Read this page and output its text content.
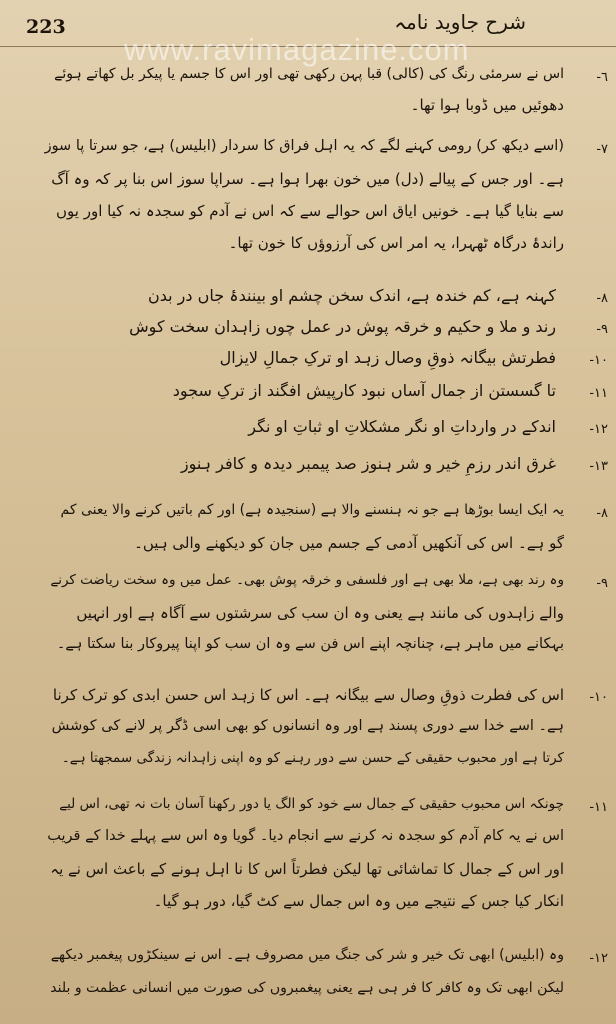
223	شرح جاوید نامہ
www.ravimagazine.com
-٦
اس نے سرمئی رنگ کی (کالی) قبا پہن رکھی تھی اور اس کا جسم یا پیکر بل کھاتے ہوئے
دھوئیں میں ڈوبا ہوا تھا۔
-٧
(اسے دیکھ کر) رومی کہنے لگے کہ یہ اہل فراق کا سردار (ابلیس) ہے، جو سرتا پا سوز
ہے۔ اور جس کے پیالے (دل) میں خون بھرا ہوا ہے۔ سراپا سوز اس بنا پر کہ وہ آگ
سے بنایا گیا ہے۔ خونیں ایاق اس حوالے سے کہ اس نے آدم کو سجدہ نہ کیا اور یوں
راندۂ درگاہ ٹھہرا، یہ امر اس کی آرزوؤں کا خون تھا۔
-٨
کہنہ ہے، کم خندہ ہے، اندک سخن چشم او بینندۂ جاں در بدن
-٩
رند و ملا و حکیم و خرقہ پوش در عمل چوں زاہدان سخت کوش
-١٠
فطرتش بیگانہ ذوقِ وصال زہد او ترکِ جمالِ لایزال
-١١
تا گسستن از جمال آساں نبود کارپیش افگند از ترکِ سجود
-١٢
اندکے در وارداتِ او نگر مشکلاتِ او ثباتِ او نگر
-١٣
غرق اندر رزمِ خیر و شر ہنوز صد پیمبر دیدہ و کافر ہنوز
-٨
یہ ایک ایسا بوڑھا ہے جو نہ ہنسنے والا ہے (سنجیدہ ہے) اور کم باتیں کرنے والا یعنی کم
گو ہے۔ اس کی آنکھیں آدمی کے جسم میں جان کو دیکھنے والی ہیں۔
-٩
وہ رند بھی ہے، ملا بھی ہے اور فلسفی و خرقہ پوش بھی۔ عمل میں وہ سخت ریاضت کرنے
والے زاہدوں کی مانند ہے یعنی وہ ان سب کی سرشتوں سے آگاہ ہے اور انہیں
بہکانے میں ماہر ہے، چنانچہ اپنے اس فن سے وہ ان سب کو اپنا پیروکار بنا سکتا ہے۔
-١٠
اس کی فطرت ذوقِ وصال سے بیگانہ ہے۔ اس کا زہد اس حسن ابدی کو ترک کرنا
ہے۔ اسے خدا سے دوری پسند ہے اور وہ انسانوں کو بھی اسی ڈگر پر لانے کی کوشش
کرتا ہے اور محبوب حقیقی کے حسن سے دور رہنے کو وہ اپنی زاہدانہ زندگی سمجھتا ہے۔
-١١
چونکہ اس محبوب حقیقی کے جمال سے خود کو الگ یا دور رکھنا آسان بات نہ تھی، اس لیے
اس نے یہ کام آدم کو سجدہ نہ کرنے سے انجام دیا۔ گویا وہ اس سے پہلے خدا کے قریب
اور اس کے جمال کا تماشائی تھا لیکن فطرتاً اس کا نا اہل ہونے کے باعث اس نے یہ
انکار کیا جس کے نتیجے میں وہ اس جمال سے کٹ گیا، دور ہو گیا۔
-١٢
وہ (ابلیس) ابھی تک خیر و شر کی جنگ میں مصروف ہے۔ اس نے سینکڑوں پیغمبر دیکھے
لیکن ابھی تک وہ کافر کا فر ہی ہے یعنی پیغمبروں کی صورت میں انسانی عظمت و بلند
